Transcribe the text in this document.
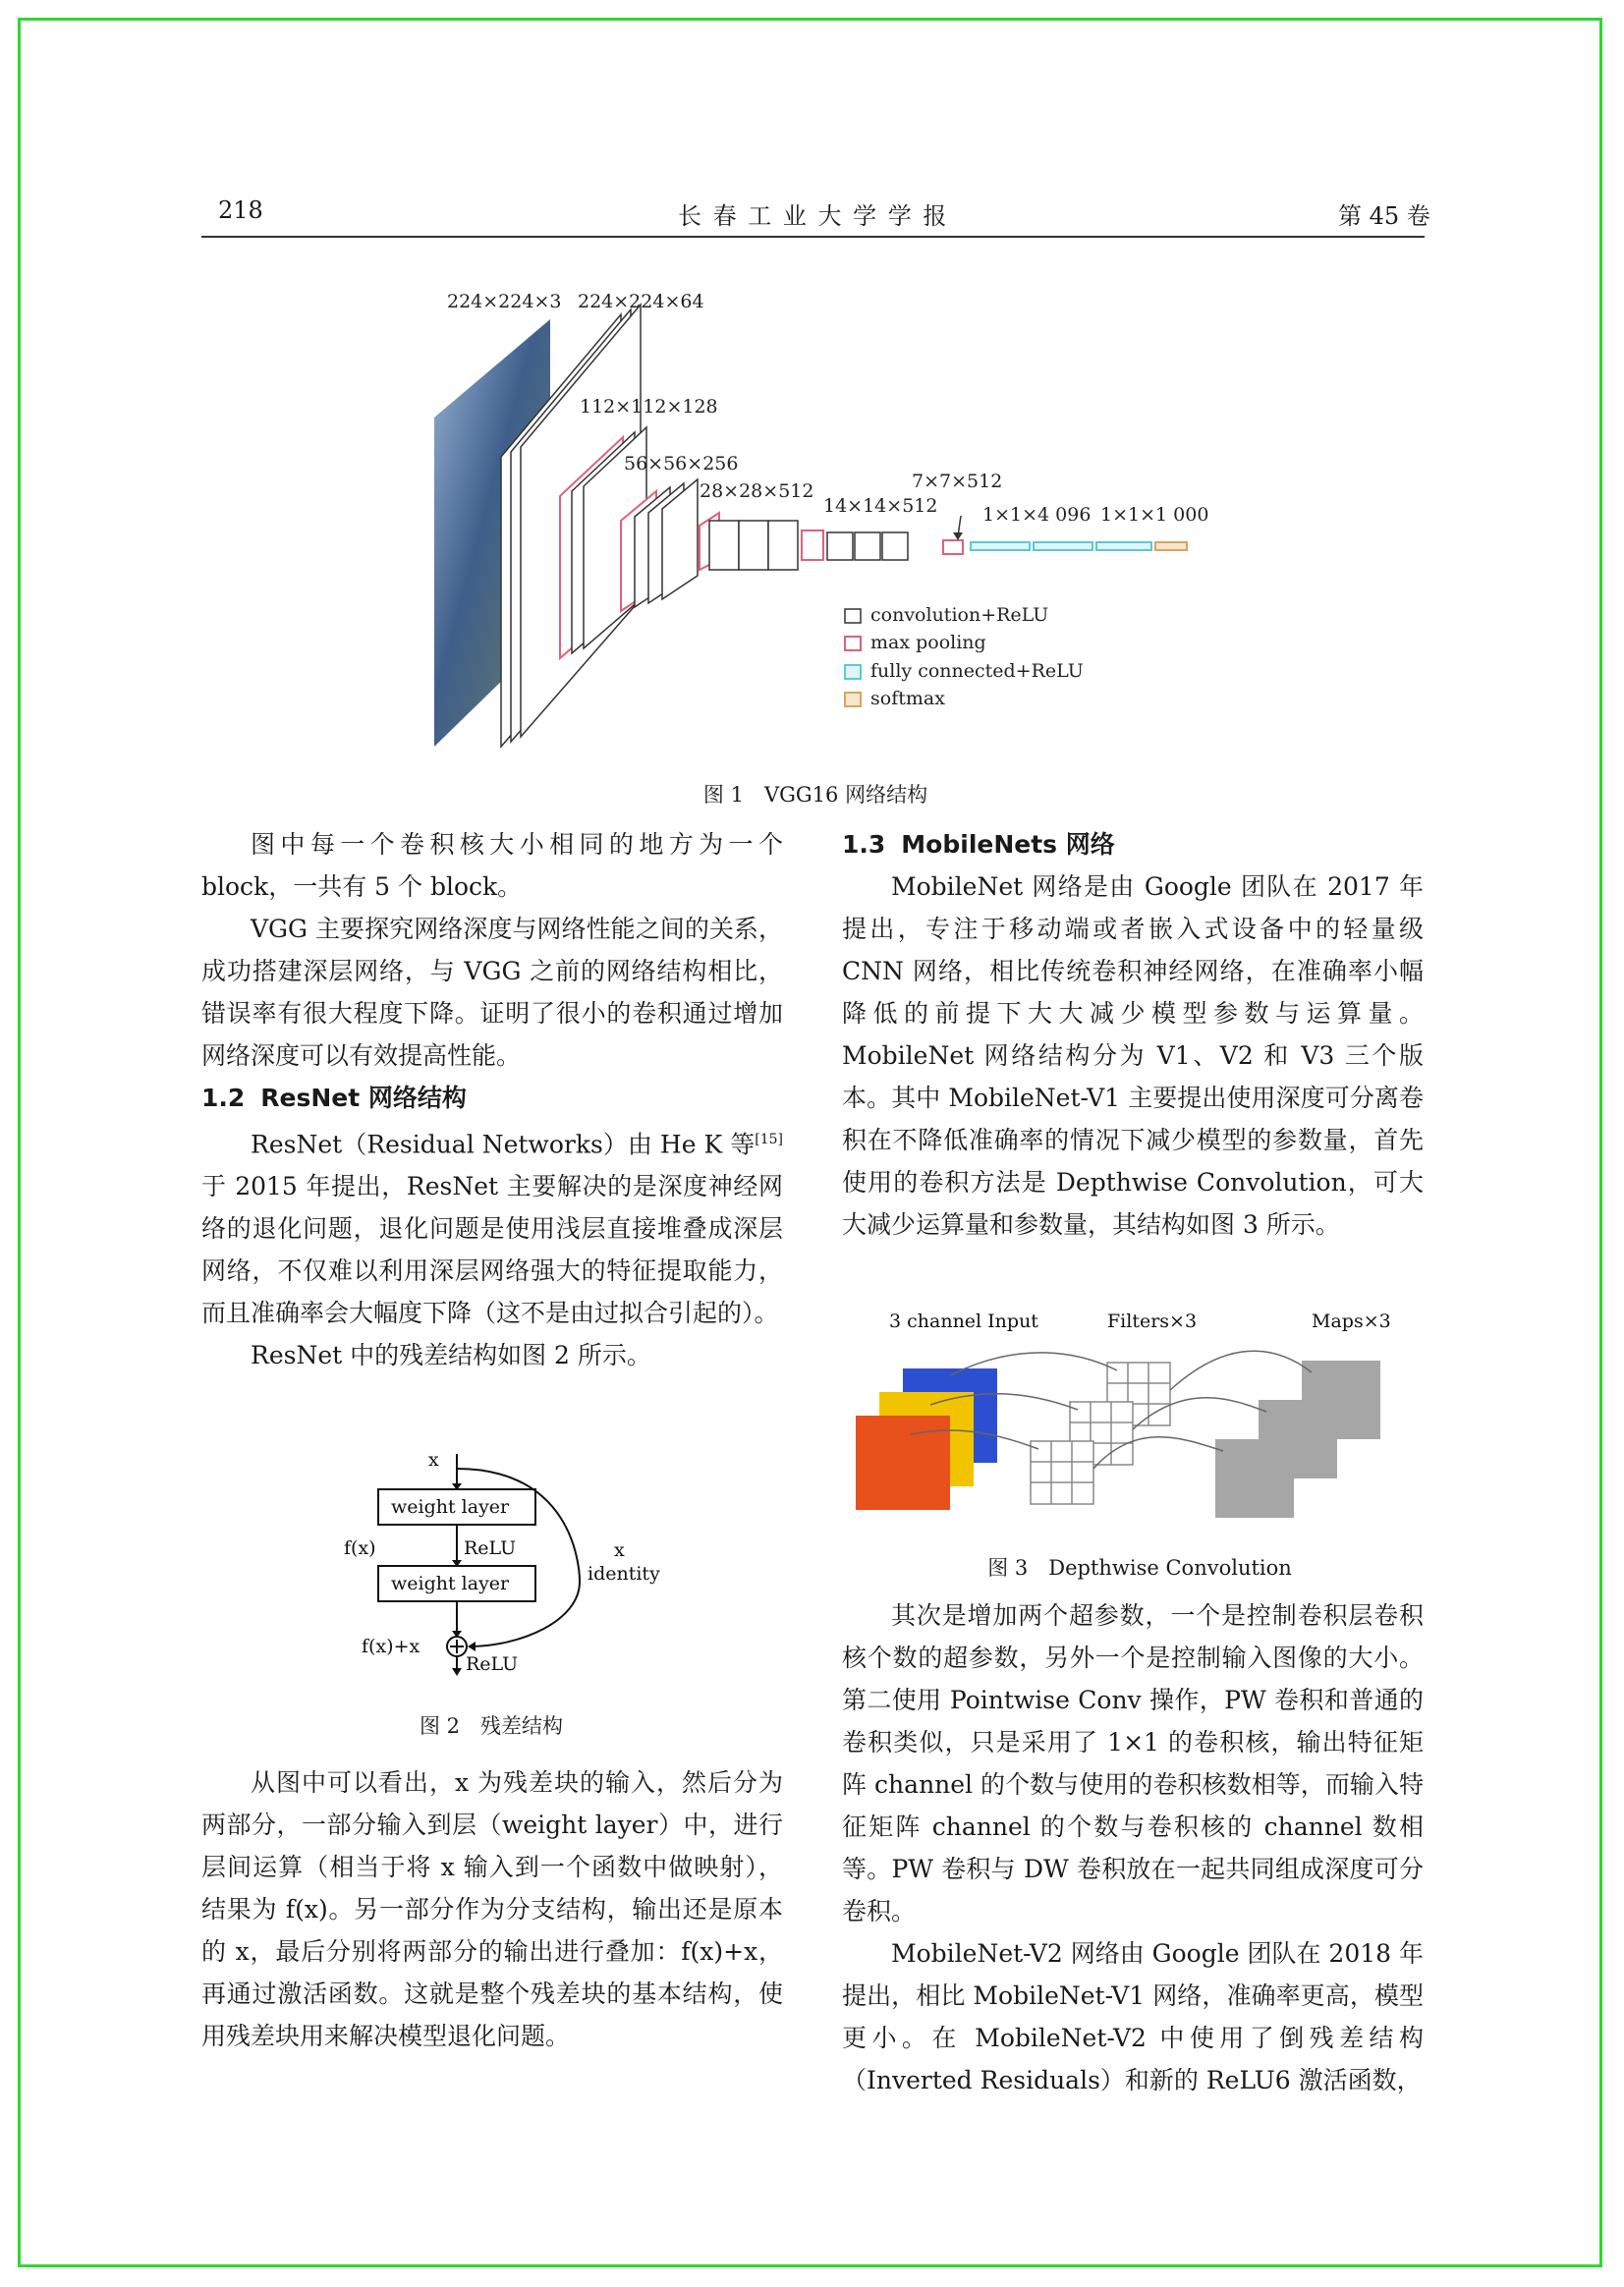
218	长 春 工 业 大 学 学 报	第 45 卷
224×224×3 224×224×64
112×112×128
56×56×256
28×28×512
14×14×512
7×7×512
1×1×4 096 1×1×1 000
convolution+ReLU
max pooling
fully connected+ReLU
softmax
图 1　VGG16 网络结构

图中每一个卷积核大小相同的地方为一个 block，一共有 5 个 block。

VGG 主要探究网络深度与网络性能之间的关系，成功搭建深层网络，与 VGG 之前的网络结构相比，错误率有很大程度下降。证明了很小的卷积通过增加网络深度可以有效提高性能。

1.2 ResNet 网络结构

ResNet（Residual Networks）由 He K 等[15]于 2015 年提出，ResNet 主要解决的是深度神经网络的退化问题，退化问题是使用浅层直接堆叠成深层网络，不仅难以利用深层网络强大的特征提取能力，而且准确率会大幅度下降（这不是由过拟合引起的）。

ResNet 中的残差结构如图 2 所示。

x
weight layer
f(x)	ReLU
weight layer
x
identity
f(x)+x
ReLU
图 2　残差结构

从图中可以看出，x 为残差块的输入，然后分为两部分，一部分输入到层（weight layer）中，进行层间运算（相当于将 x 输入到一个函数中做映射），结果为 f(x)。另一部分作为分支结构，输出还是原本的 x，最后分别将两部分的输出进行叠加：f(x)+x，再通过激活函数。这就是整个残差块的基本结构，使用残差块用来解决模型退化问题。

1.3 MobileNets 网络

MobileNet 网络是由 Google 团队在 2017 年提出，专注于移动端或者嵌入式设备中的轻量级 CNN 网络，相比传统卷积神经网络，在准确率小幅降低的前提下大大减少模型参数与运算量。MobileNet 网络结构分为 V1、V2 和 V3 三个版本。其中 MobileNet-V1 主要提出使用深度可分离卷积在不降低准确率的情况下减少模型的参数量，首先使用的卷积方法是 Depthwise Convolution，可大大减少运算量和参数量，其结构如图 3 所示。

3 channel Input	Filters×3	Maps×3
图 3　Depthwise Convolution

其次是增加两个超参数，一个是控制卷积层卷积核个数的超参数，另外一个是控制输入图像的大小。第二使用 Pointwise Conv 操作，PW 卷积和普通的卷积类似，只是采用了 1×1 的卷积核，输出特征矩阵 channel 的个数与使用的卷积核数相等，而输入特征矩阵 channel 的个数与卷积核的 channel 数相等。PW 卷积与 DW 卷积放在一起共同组成深度可分卷积。

MobileNet-V2 网络由 Google 团队在 2018 年提出，相比 MobileNet-V1 网络，准确率更高，模型更小。在 MobileNet-V2 中使用了倒残差结构（Inverted Residuals）和新的 ReLU6 激活函数，
